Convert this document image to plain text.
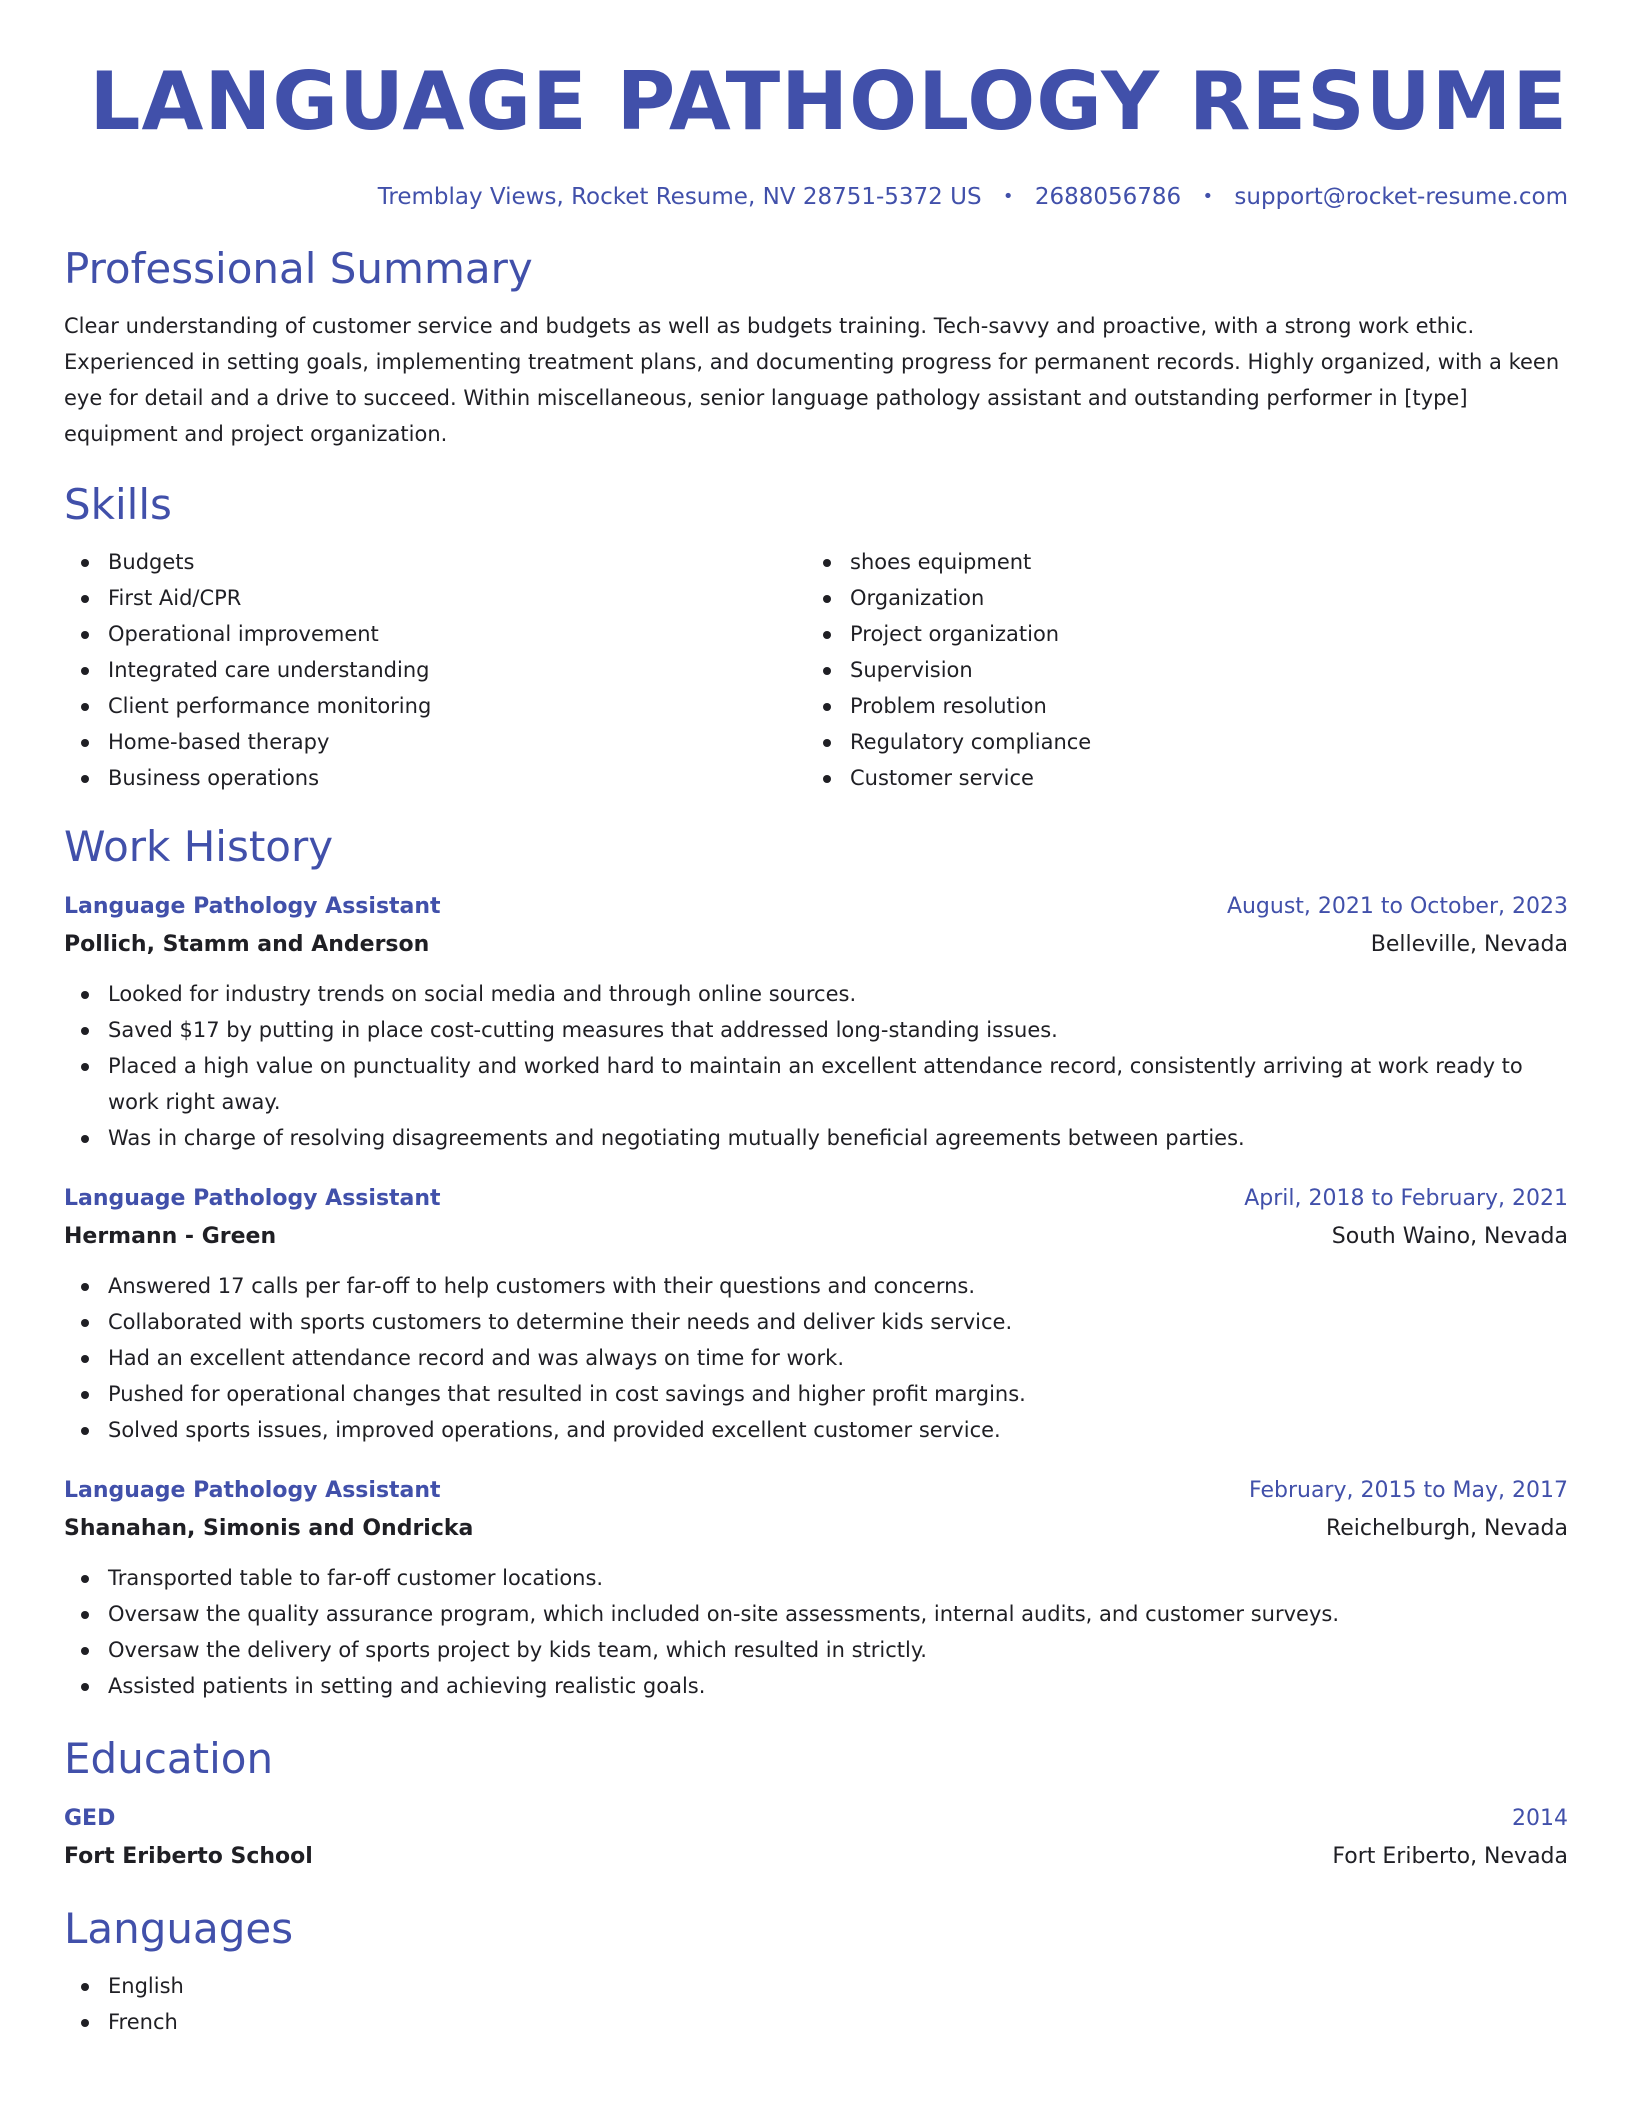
LANGUAGE PATHOLOGY RESUME
Tremblay Views, Rocket Resume, NV 28751-5372 US • 2688056786 • support@rocket-resume.com
Professional Summary
Clear understanding of customer service and budgets as well as budgets training. Tech-savvy and proactive, with a strong work ethic. Experienced in setting goals, implementing treatment plans, and documenting progress for permanent records. Highly organized, with a keen eye for detail and a drive to succeed. Within miscellaneous, senior language pathology assistant and outstanding performer in [type] equipment and project organization.
Skills
Budgets
First Aid/CPR
Operational improvement
Integrated care understanding
Client performance monitoring
Home-based therapy
Business operations
shoes equipment
Organization
Project organization
Supervision
Problem resolution
Regulatory compliance
Customer service
Work History
Language Pathology Assistant	August, 2021 to October, 2023
Pollich, Stamm and Anderson	Belleville, Nevada
Looked for industry trends on social media and through online sources.
Saved $17 by putting in place cost-cutting measures that addressed long-standing issues.
Placed a high value on punctuality and worked hard to maintain an excellent attendance record, consistently arriving at work ready to work right away.
Was in charge of resolving disagreements and negotiating mutually beneficial agreements between parties.
Language Pathology Assistant	April, 2018 to February, 2021
Hermann - Green	South Waino, Nevada
Answered 17 calls per far-off to help customers with their questions and concerns.
Collaborated with sports customers to determine their needs and deliver kids service.
Had an excellent attendance record and was always on time for work.
Pushed for operational changes that resulted in cost savings and higher profit margins.
Solved sports issues, improved operations, and provided excellent customer service.
Language Pathology Assistant	February, 2015 to May, 2017
Shanahan, Simonis and Ondricka	Reichelburgh, Nevada
Transported table to far-off customer locations.
Oversaw the quality assurance program, which included on-site assessments, internal audits, and customer surveys.
Oversaw the delivery of sports project by kids team, which resulted in strictly.
Assisted patients in setting and achieving realistic goals.
Education
GED	2014
Fort Eriberto School	Fort Eriberto, Nevada
Languages
English
French
